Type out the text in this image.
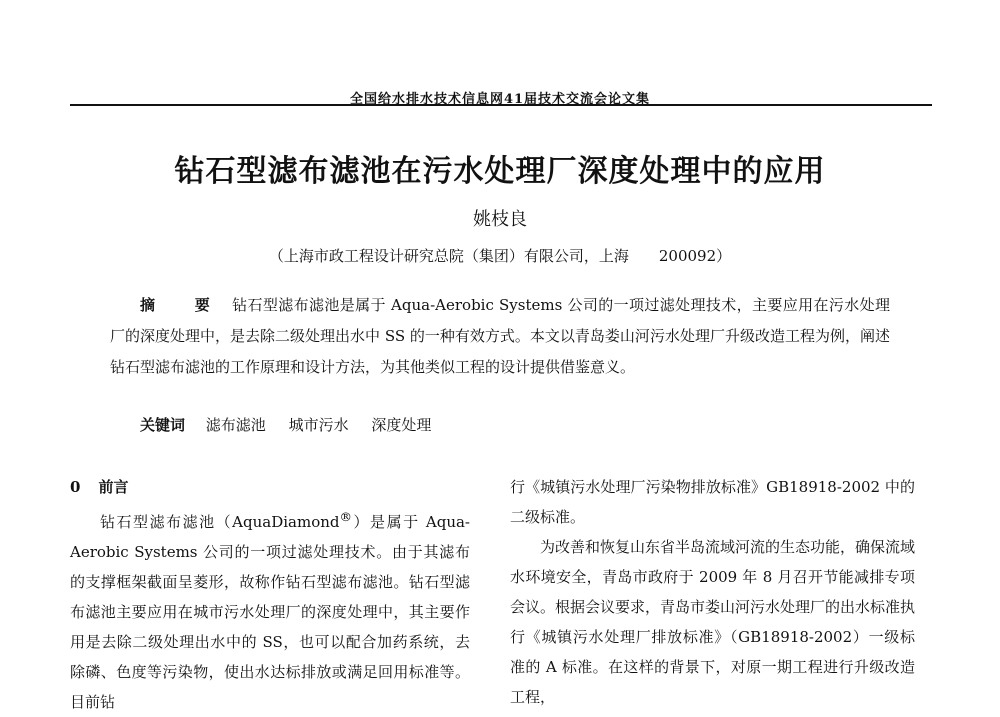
全国给水排水技术信息网41届技术交流会论文集
钻石型滤布滤池在污水处理厂深度处理中的应用
姚枝良
（上海市政工程设计研究总院（集团）有限公司，上海　　200092）

摘　要 钻石型滤布滤池是属于 Aqua-Aerobic Systems 公司的一项过滤处理技术，主要应用在污水处理厂的深度处理中，是去除二级处理出水中 SS 的一种有效方式。本文以青岛娄山河污水处理厂升级改造工程为例，阐述钻石型滤布滤池的工作原理和设计方法，为其他类似工程的设计提供借鉴意义。

关键词 滤布滤池 城市污水 深度处理

0 前言

钻石型滤布滤池（AquaDiamond®）是属于 Aqua-Aerobic Systems 公司的一项过滤处理技术。由于其滤布的支撑框架截面呈菱形，故称作钻石型滤布滤池。钻石型滤布滤池主要应用在城市污水处理厂的深度处理中，其主要作用是去除二级处理出水中的 SS，也可以配合加药系统，去除磷、色度等污染物，使出水达标排放或满足回用标准等。目前钻

行《城镇污水处理厂污染物排放标准》GB18918-2002 中的二级标准。

为改善和恢复山东省半岛流域河流的生态功能，确保流域水环境安全，青岛市政府于 2009 年 8 月召开节能减排专项会议。根据会议要求，青岛市娄山河污水处理厂的出水标准执行《城镇污水处理厂排放标准》（GB18918-2002）一级标准的 A 标准。在这样的背景下，对原一期工程进行升级改造工程，
